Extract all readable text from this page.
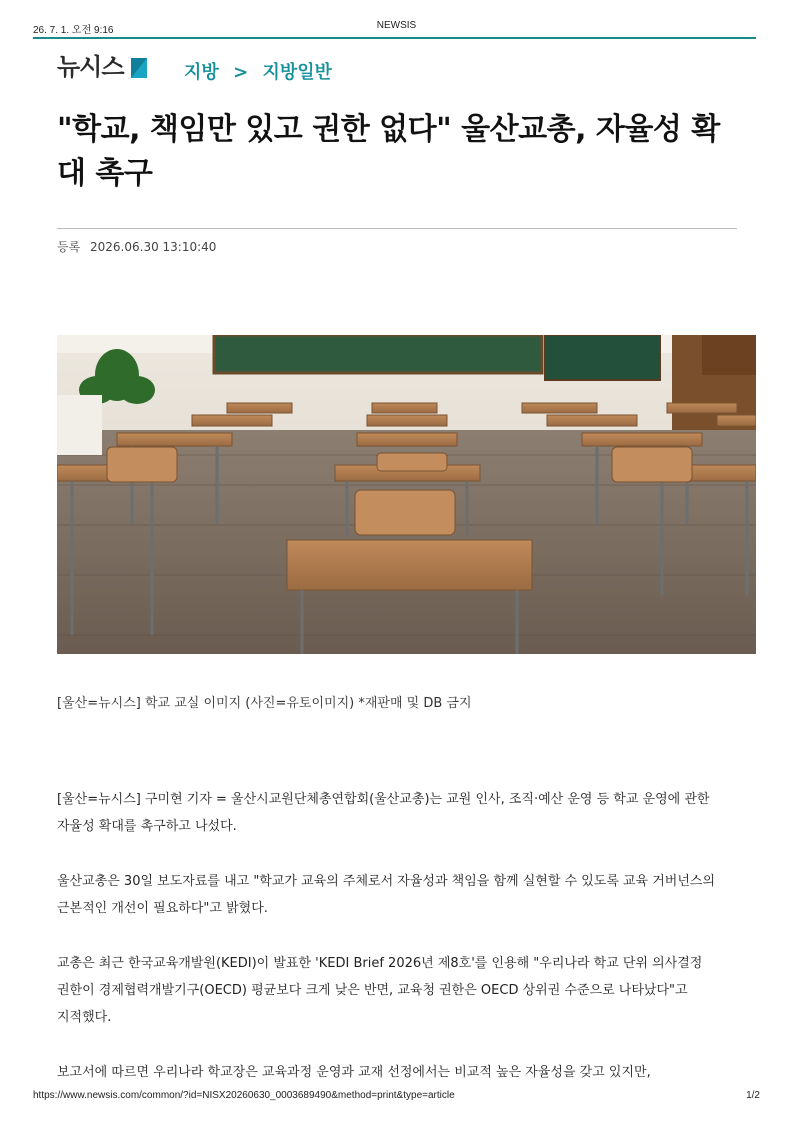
26. 7. 1. 오전 9:16	NEWSIS
뉴시스	지방 > 지방일반
"학교, 책임만 있고 권한 없다" 울산교총, 자율성 확대 촉구
등록 2026.06.30 13:10:40
[울산=뉴시스] 학교 교실 이미지 (사진=유토이미지) *재판매 및 DB 금지

[울산=뉴시스] 구미현 기자 = 울산시교원단체총연합회(울산교총)는 교원 인사, 조직·예산 운영 등 학교 운영에 관한 자율성 확대를 촉구하고 나섰다.

울산교총은 30일 보도자료를 내고 "학교가 교육의 주체로서 자율성과 책임을 함께 실현할 수 있도록 교육 거버넌스의 근본적인 개선이 필요하다"고 밝혔다.

교총은 최근 한국교육개발원(KEDI)이 발표한 'KEDI Brief 2026년 제8호'를 인용해 "우리나라 학교 단위 의사결정 권한이 경제협력개발기구(OECD) 평균보다 크게 낮은 반면, 교육청 권한은 OECD 상위권 수준으로 나타났다"고 지적했다.

보고서에 따르면 우리나라 학교장은 교육과정 운영과 교재 선정에서는 비교적 높은 자율성을 갖고 있지만,

https://www.newsis.com/common/?id=NISX20260630_0003689490&method=print&type=article	1/2
